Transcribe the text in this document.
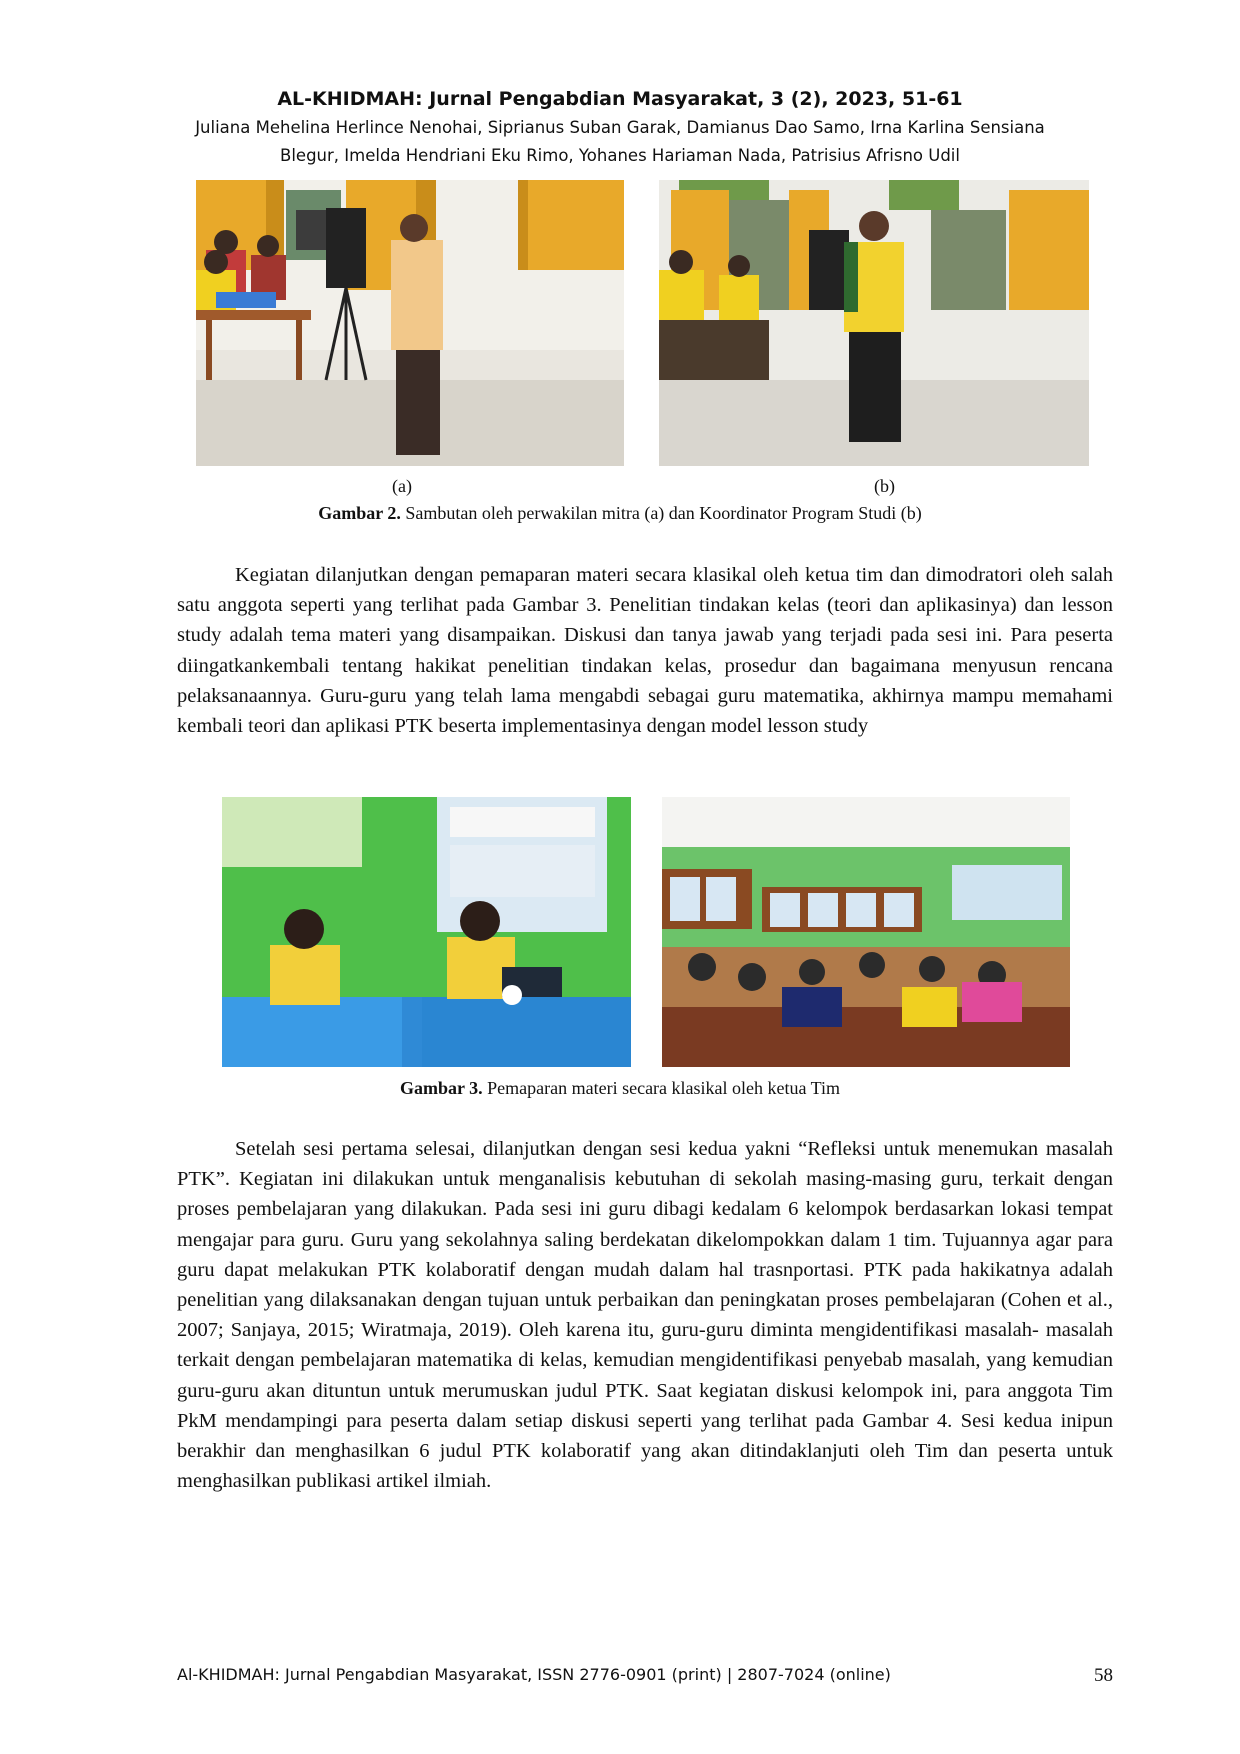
AL-KHIDMAH: Jurnal Pengabdian Masyarakat, 3 (2), 2023, 51-61
Juliana Mehelina Herlince Nenohai, Siprianus Suban Garak, Damianus Dao Samo, Irna Karlina Sensiana
Blegur, Imelda Hendriani Eku Rimo, Yohanes Hariaman Nada, Patrisius Afrisno Udil
(a)	(b)
Gambar 2. Sambutan oleh perwakilan mitra (a) dan Koordinator Program Studi (b)

Kegiatan dilanjutkan dengan pemaparan materi secara klasikal oleh ketua tim dan dimodratori oleh salah satu anggota seperti yang terlihat pada Gambar 3. Penelitian tindakan kelas (teori dan aplikasinya) dan lesson study adalah tema materi yang disampaikan. Diskusi dan tanya jawab yang terjadi pada sesi ini. Para peserta diingatkankembali tentang hakikat penelitian tindakan kelas, prosedur dan bagaimana menyusun rencana pelaksanaannya. Guru-guru yang telah lama mengabdi sebagai guru matematika, akhirnya mampu memahami kembali teori dan aplikasi PTK beserta implementasinya dengan model lesson study

Gambar 3. Pemaparan materi secara klasikal oleh ketua Tim

Setelah sesi pertama selesai, dilanjutkan dengan sesi kedua yakni “Refleksi untuk menemukan masalah PTK”. Kegiatan ini dilakukan untuk menganalisis kebutuhan di sekolah masing-masing guru, terkait dengan proses pembelajaran yang dilakukan. Pada sesi ini guru dibagi kedalam 6 kelompok berdasarkan lokasi tempat mengajar para guru. Guru yang sekolahnya saling berdekatan dikelompokkan dalam 1 tim. Tujuannya agar para guru dapat melakukan PTK kolaboratif dengan mudah dalam hal trasnportasi. PTK pada hakikatnya adalah penelitian yang dilaksanakan dengan tujuan untuk perbaikan dan peningkatan proses pembelajaran (Cohen et al., 2007; Sanjaya, 2015; Wiratmaja, 2019). Oleh karena itu, guru-guru diminta mengidentifikasi masalah- masalah terkait dengan pembelajaran matematika di kelas, kemudian mengidentifikasi penyebab masalah, yang kemudian guru-guru akan dituntun untuk merumuskan judul PTK. Saat kegiatan diskusi kelompok ini, para anggota Tim PkM mendampingi para peserta dalam setiap diskusi seperti yang terlihat pada Gambar 4. Sesi kedua inipun berakhir dan menghasilkan 6 judul PTK kolaboratif yang akan ditindaklanjuti oleh Tim dan peserta untuk menghasilkan publikasi artikel ilmiah.

Al-KHIDMAH: Jurnal Pengabdian Masyarakat, ISSN 2776-0901 (print) | 2807-7024 (online)	58
